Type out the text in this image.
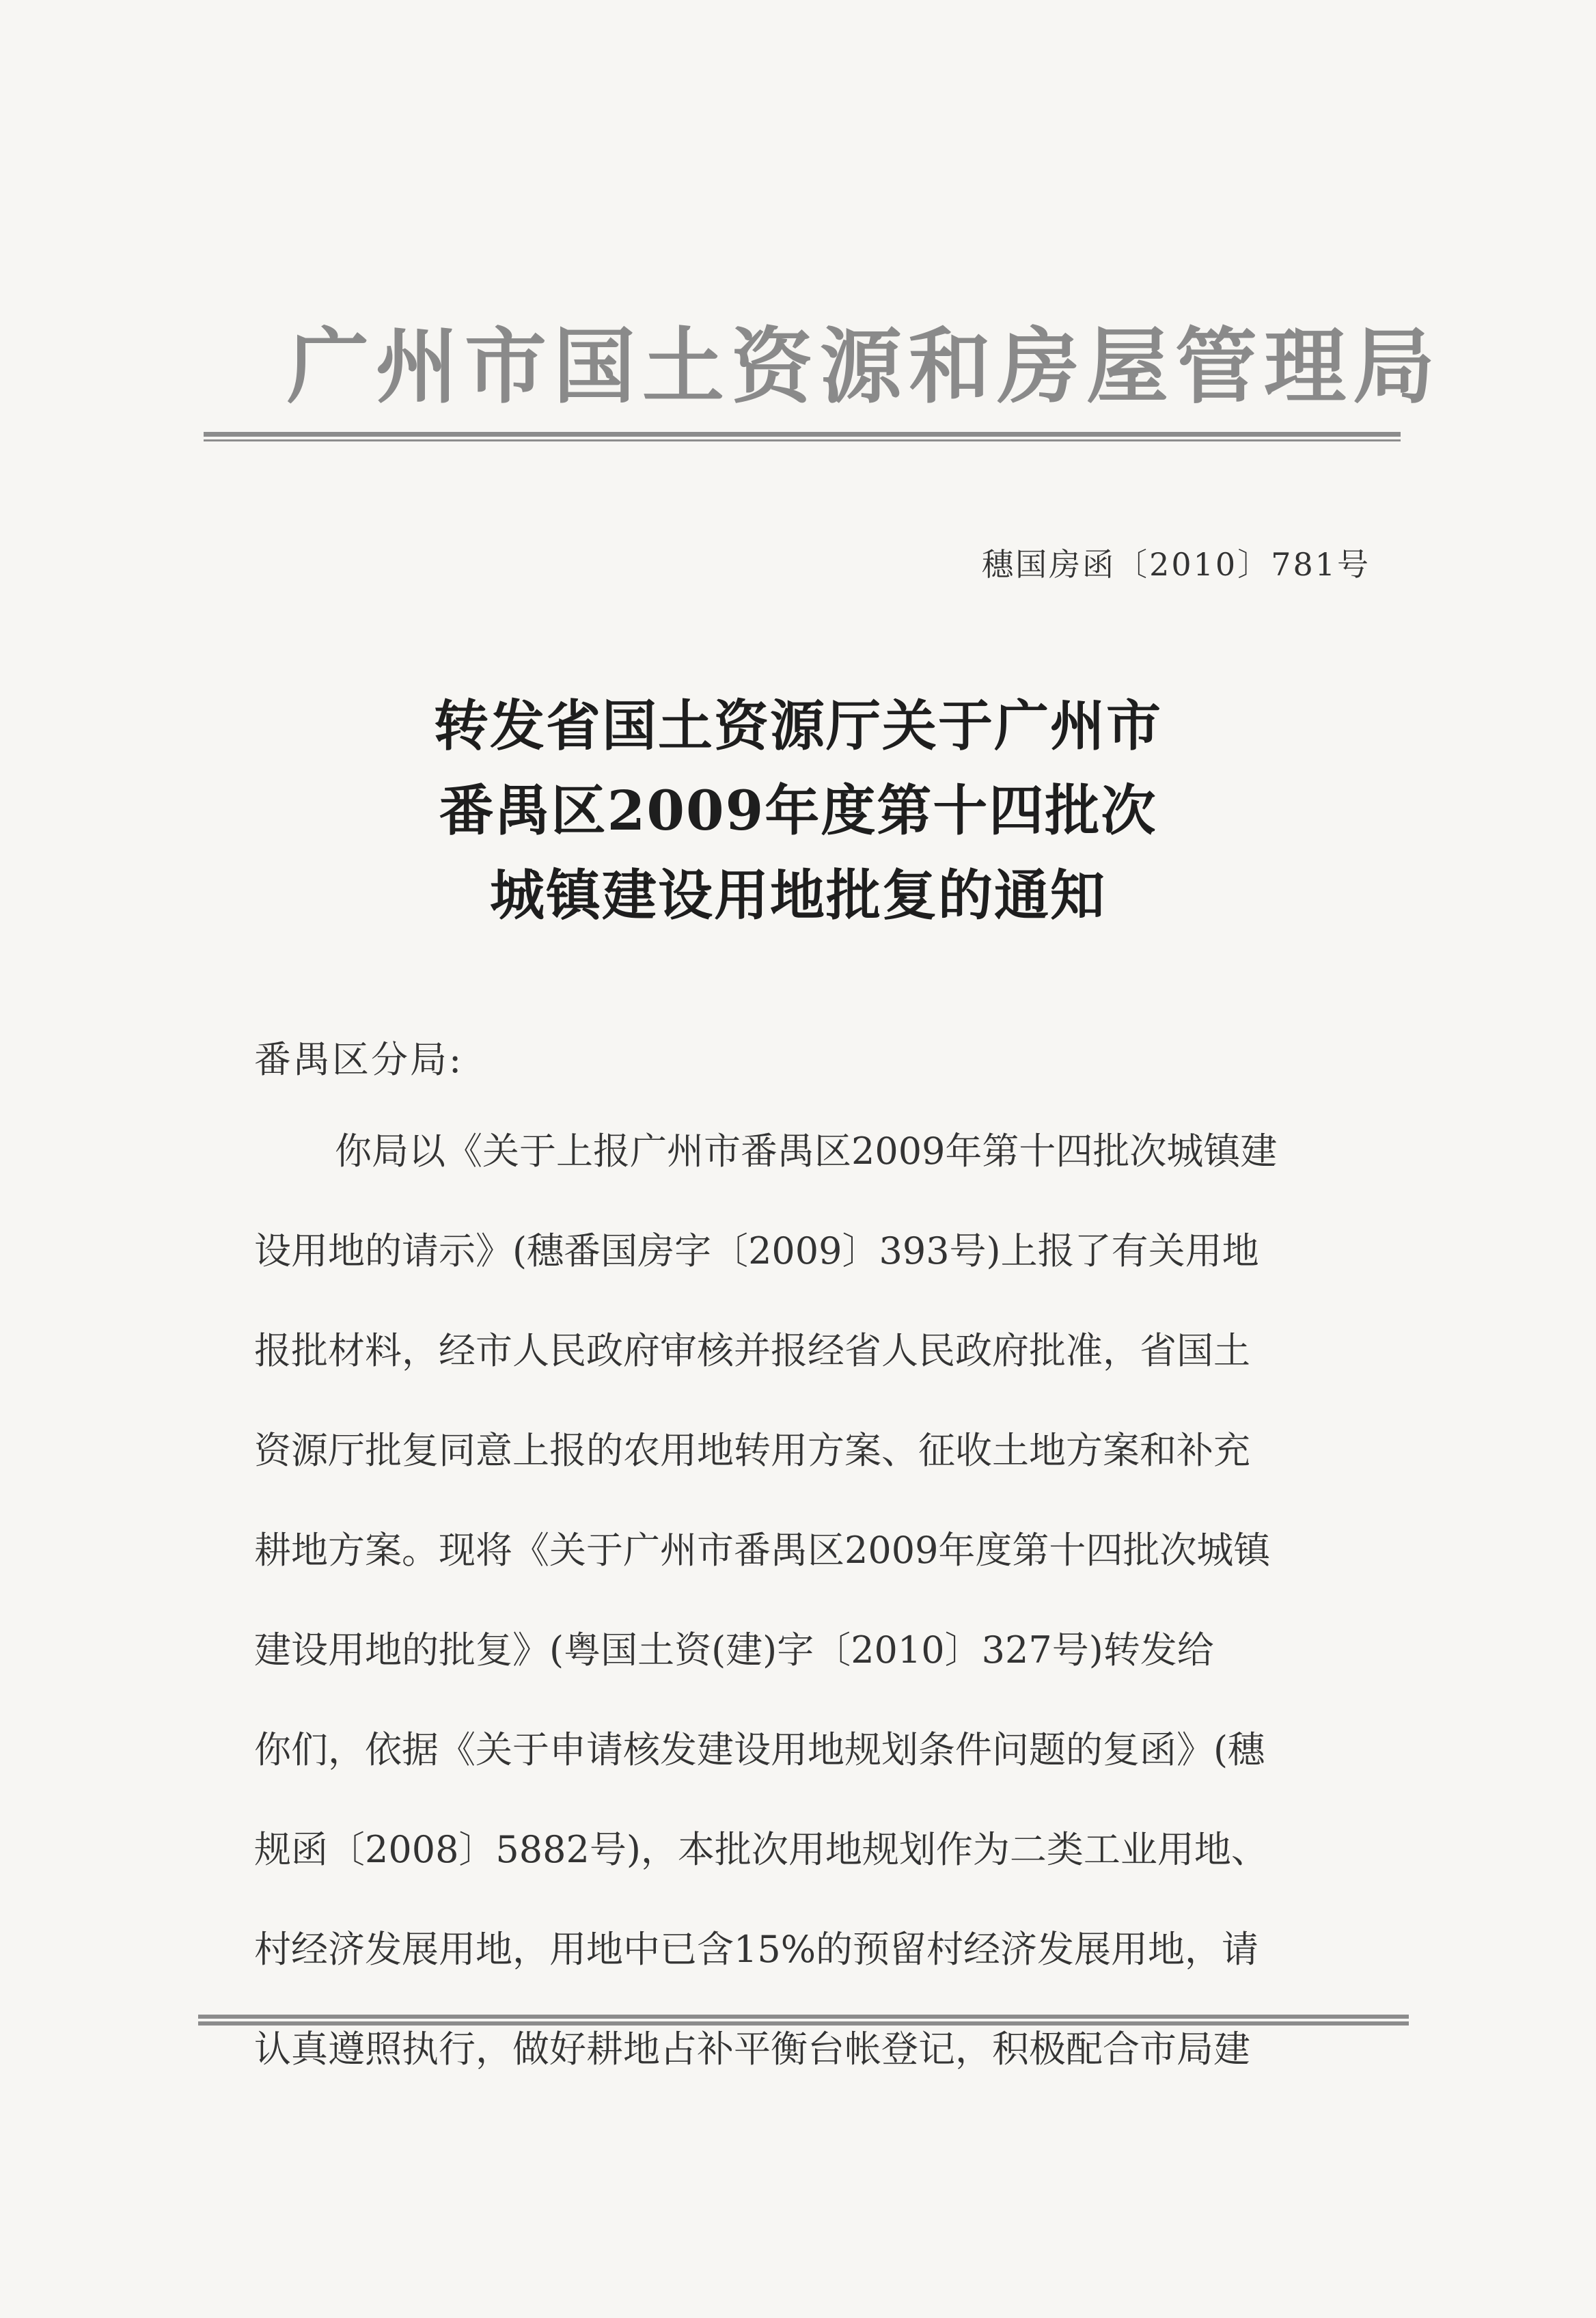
广州市国土资源和房屋管理局
穗国房函〔2010〕781号
转发省国土资源厅关于广州市
番禺区2009年度第十四批次
城镇建设用地批复的通知
番禺区分局:
你局以《关于上报广州市番禺区2009年第十四批次城镇建
设用地的请示》(穗番国房字〔2009〕393号)上报了有关用地
报批材料，经市人民政府审核并报经省人民政府批准，省国土
资源厅批复同意上报的农用地转用方案、征收土地方案和补充
耕地方案。现将《关于广州市番禺区2009年度第十四批次城镇
建设用地的批复》(粤国土资(建)字〔2010〕327号)转发给
你们，依据《关于申请核发建设用地规划条件问题的复函》(穗
规函〔2008〕5882号)，本批次用地规划作为二类工业用地、
村经济发展用地，用地中已含15%的预留村经济发展用地，请
认真遵照执行，做好耕地占补平衡台帐登记，积极配合市局建
